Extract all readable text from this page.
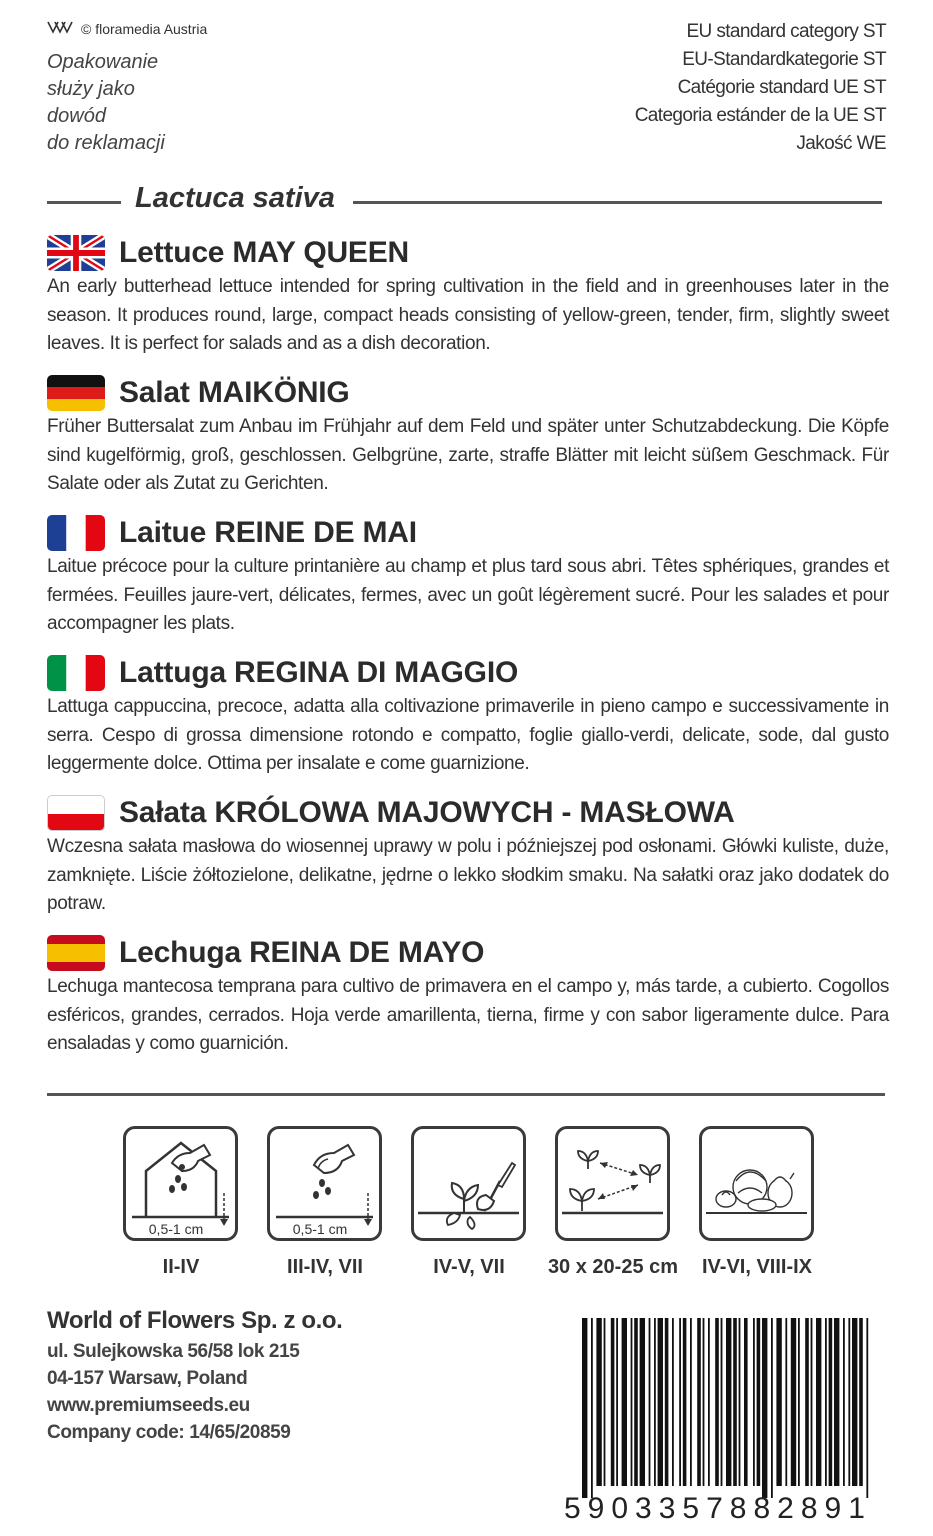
© floramedia Austria
Opakowanie
służy jako
dowód
do reklamacji
EU standard category ST
EU-Standardkategorie ST
Catégorie standard UE ST
Categoria estánder de la UE ST
Jakość WE
Lactuca sativa
Lettuce MAY QUEEN
An early butterhead lettuce intended for spring cultivation in the field and in greenhouses later in the season. It produces round, large, compact heads consisting of yellow-green, tender, firm, slightly sweet leaves. It is perfect for salads and as a dish decoration.
Salat MAIKÖNIG
Früher Buttersalat zum Anbau im Frühjahr auf dem Feld und später unter Schutzabdeckung. Die Köpfe sind kugelförmig, groß, geschlossen. Gelbgrüne, zarte, straffe Blätter mit leicht süßem Geschmack. Für Salate oder als Zutat zu Gerichten.
Laitue REINE DE MAI
Laitue précoce pour la culture printanière au champ et plus tard sous abri. Têtes sphériques, grandes et fermées. Feuilles jaure-vert, délicates, fermes, avec un goût légèrement sucré. Pour les salades et pour accompagner les plats.
Lattuga REGINA DI MAGGIO
Lattuga cappuccina, precoce, adatta alla coltivazione primaverile in pieno campo e successivamente in serra. Cespo di grossa dimensione rotondo e compatto, foglie giallo-verdi, delicate, sode, dal gusto leggermente dolce. Ottima per insalate e come guarnizione.
Sałata KRÓLOWA MAJOWYCH - MASŁOWA
Wczesna sałata masłowa do wiosennej uprawy w polu i późniejszej pod osłonami. Główki kuliste, duże, zamknięte. Liście żółtozielone, delikatne, jędrne o lekko słodkim smaku. Na sałatki oraz jako dodatek do potraw.
Lechuga REINA DE MAYO
Lechuga mantecosa temprana para cultivo de primavera en el campo y, más tarde, a cubierto. Cogollos esféricos, grandes, cerrados. Hoja verde amarillenta, tierna, firme y con sabor ligeramente dulce. Para ensaladas y como guarnición.
0,5-1 cm
II-IV
0,5-1 cm
III-IV, VII	IV-V, VII	30 x 20-25 cm	IV-VI, VIII-IX
World of Flowers Sp. z o.o.
ul. Sulejkowska 56/58 lok 215
04-157 Warsaw, Poland
www.premiumseeds.eu
Company code: 14/65/20859
5903357882891
